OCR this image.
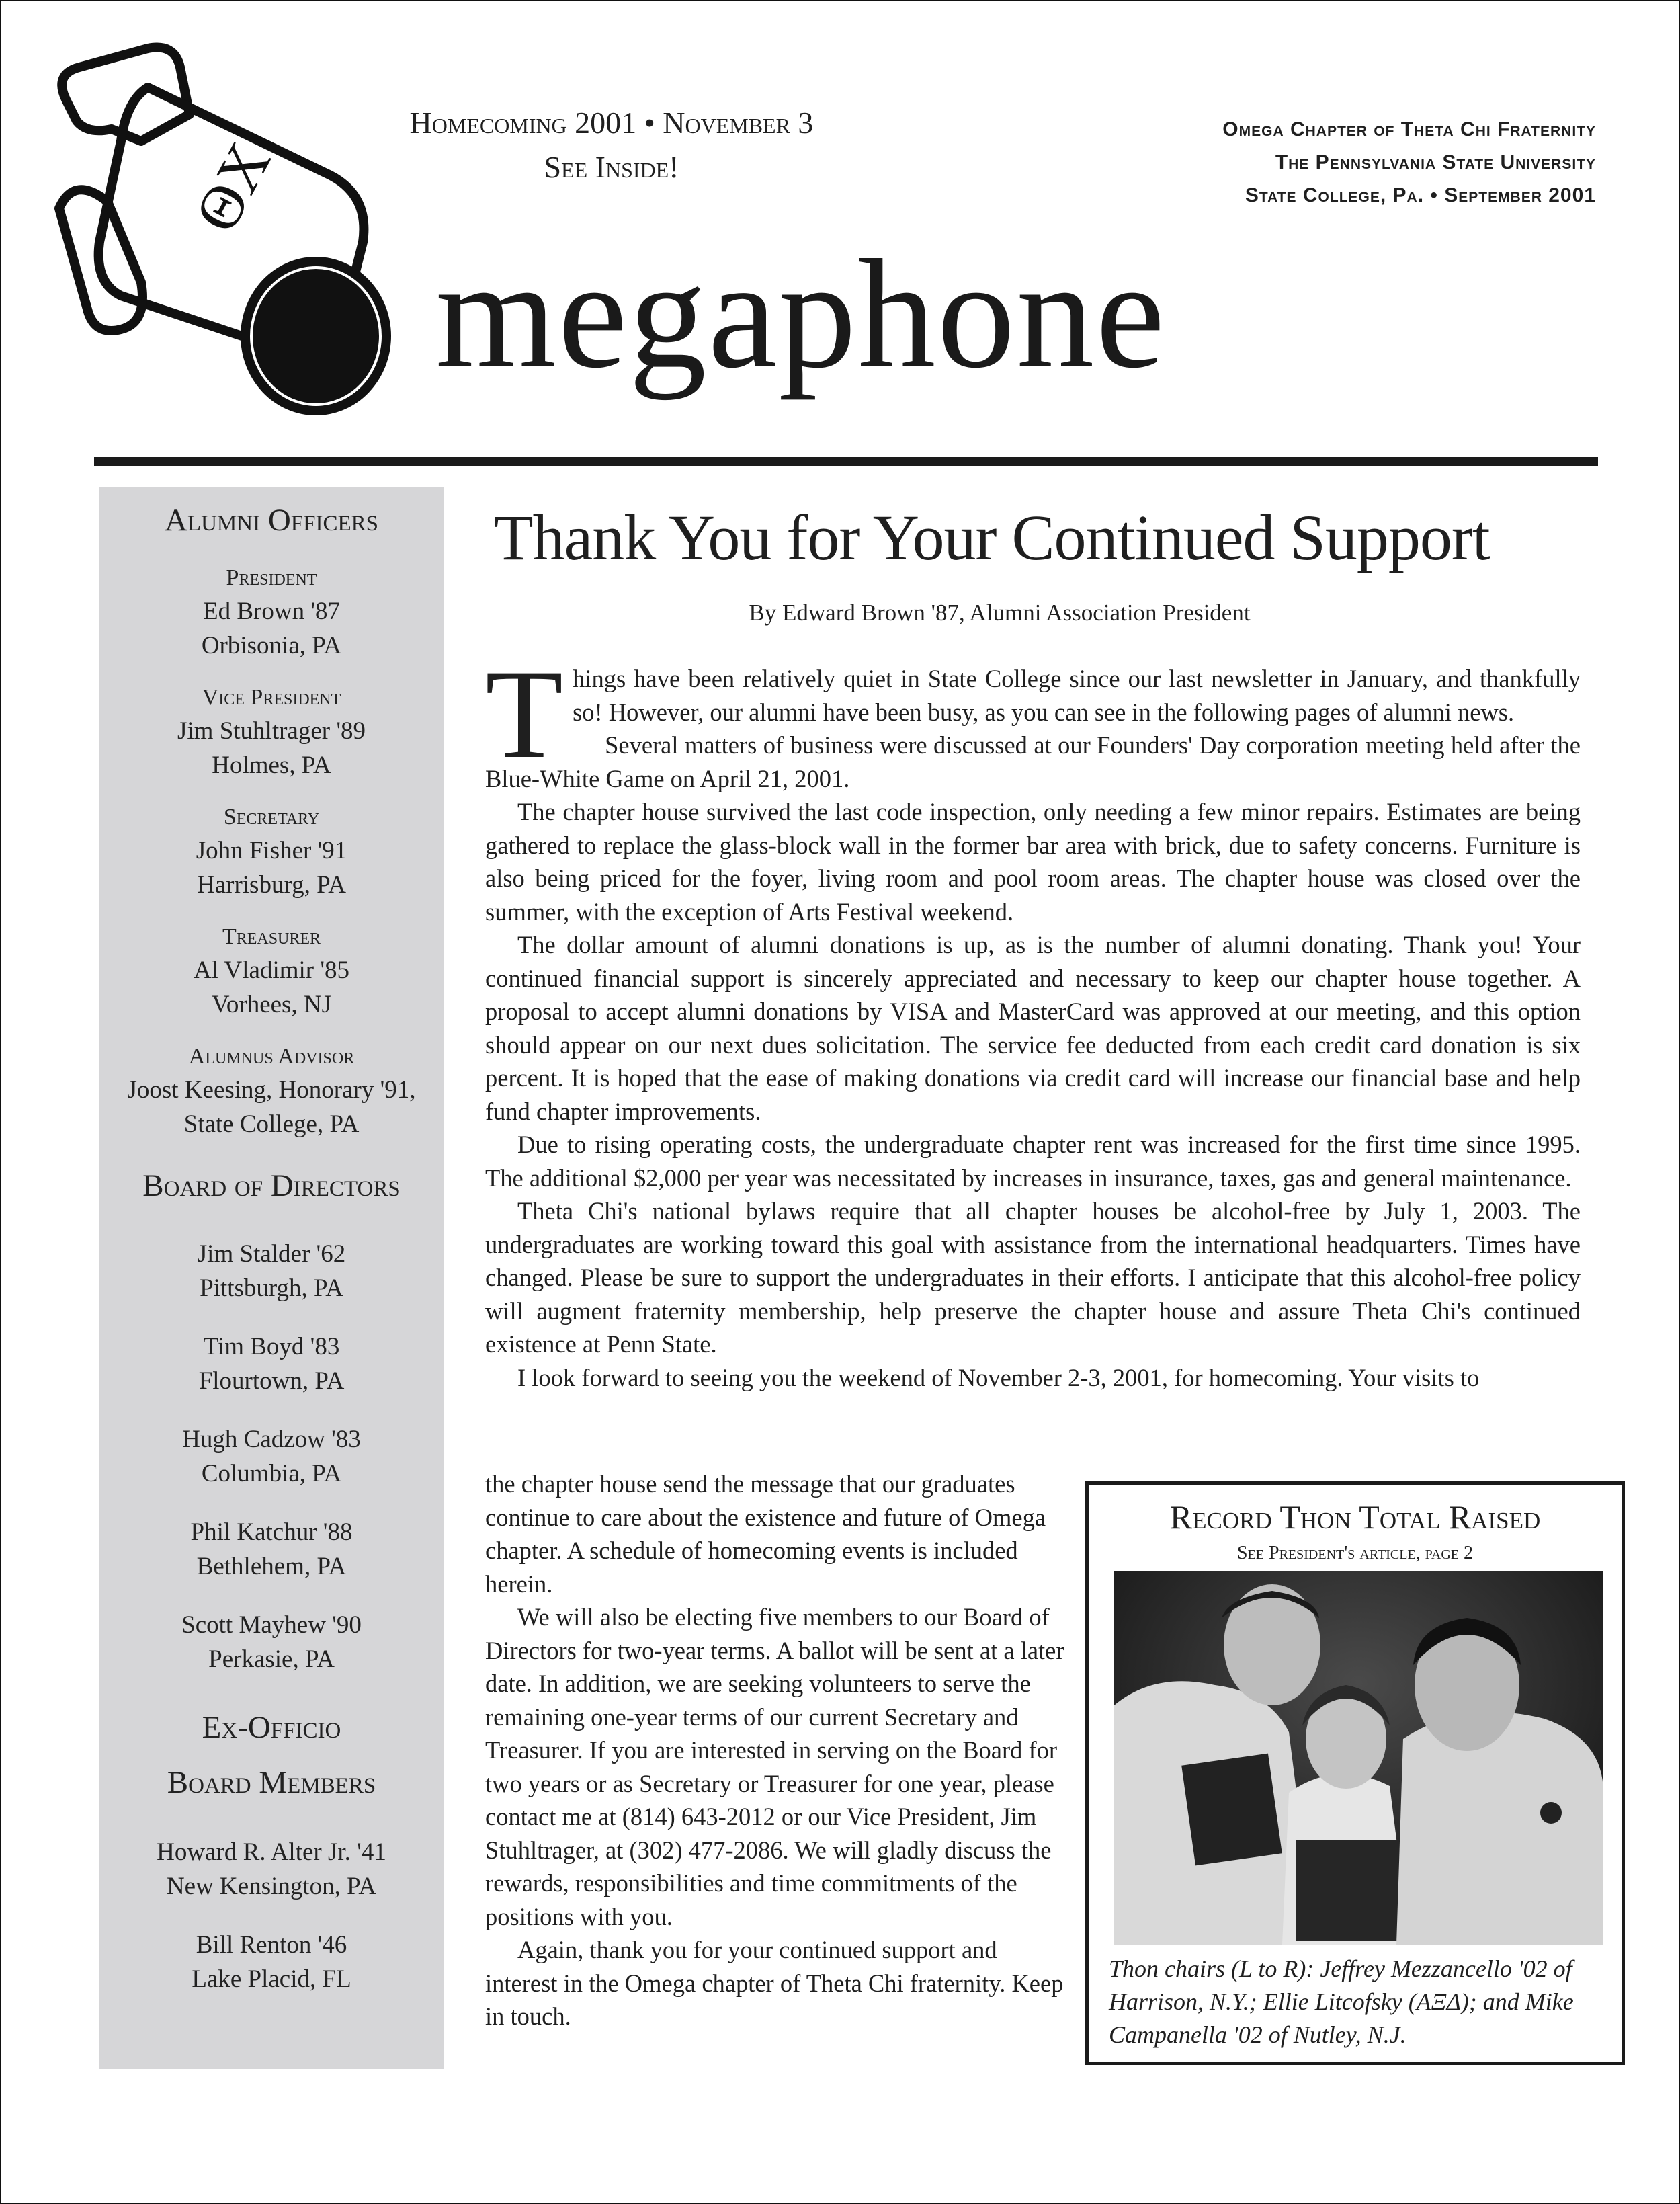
ΘΧ
Homecoming 2001 • November 3
See Inside!
Omega Chapter of Theta Chi Fraternity
The Pennsylvania State University
State College, Pa. • September 2001
megaphone
Alumni Officers
President
Ed Brown '87
Orbisonia, PA
Vice President
Jim Stuhltrager '89
Holmes, PA
Secretary
John Fisher '91
Harrisburg, PA
Treasurer
Al Vladimir '85
Vorhees, NJ
Alumnus Advisor
Joost Keesing, Honorary '91,
State College, PA
Board of Directors
Jim Stalder '62
Pittsburgh, PA
Tim Boyd '83
Flourtown, PA
Hugh Cadzow '83
Columbia, PA
Phil Katchur '88
Bethlehem, PA
Scott Mayhew '90
Perkasie, PA
Ex-Officio
Board Members
Howard R. Alter Jr. '41
New Kensington, PA
Bill Renton '46
Lake Placid, FL
Thank You for Your Continued Support
By Edward Brown '87, Alumni Association President

Things have been relatively quiet in State College since our last newsletter in January, and thankfully so! However, our alumni have been busy, as you can see in the following pages of alumni news.

Several matters of business were discussed at our Founders' Day corporation meeting held after the Blue-White Game on April 21, 2001.

The chapter house survived the last code inspection, only needing a few minor repairs. Estimates are being gathered to replace the glass-block wall in the former bar area with brick, due to safety concerns. Furniture is also being priced for the foyer, living room and pool room areas. The chapter house was closed over the summer, with the exception of Arts Festival weekend.

The dollar amount of alumni donations is up, as is the number of alumni donating. Thank you! Your continued financial support is sincerely appreciated and necessary to keep our chapter house together. A proposal to accept alumni donations by VISA and MasterCard was approved at our meeting, and this option should appear on our next dues solicitation. The service fee deducted from each credit card donation is six percent. It is hoped that the ease of making donations via credit card will increase our financial base and help fund chapter improvements.

Due to rising operating costs, the undergraduate chapter rent was increased for the first time since 1995. The additional $2,000 per year was necessitated by increases in insurance, taxes, gas and general maintenance.

Theta Chi's national bylaws require that all chapter houses be alcohol-free by July 1, 2003. The undergraduates are working toward this goal with assistance from the international headquarters. Times have changed. Please be sure to support the undergraduates in their efforts. I anticipate that this alcohol-free policy will augment fraternity membership, help preserve the chapter house and assure Theta Chi's continued existence at Penn State.

I look forward to seeing you the weekend of November 2-3, 2001, for homecoming. Your visits to

the chapter house send the message that our graduates continue to care about the existence and future of Omega chapter. A schedule of homecoming events is included herein.

We will also be electing five members to our Board of Directors for two-year terms. A ballot will be sent at a later date. In addition, we are seeking volunteers to serve the remaining one-year terms of our current Secretary and Treasurer. If you are interested in serving on the Board for two years or as Secretary or Treasurer for one year, please contact me at (814) 643-2012 or our Vice President, Jim Stuhltrager, at (302) 477-2086. We will gladly discuss the rewards, responsibilities and time commitments of the positions with you.

Again, thank you for your continued support and interest in the Omega chapter of Theta Chi fraternity. Keep in touch.

Record Thon Total Raised
See President's article, page 2
Thon chairs (L to R): Jeffrey Mezzancello '02 of Harrison, N.Y.; Ellie Litcofsky (ΑΞΔ); and Mike Campanella '02 of Nutley, N.J.
